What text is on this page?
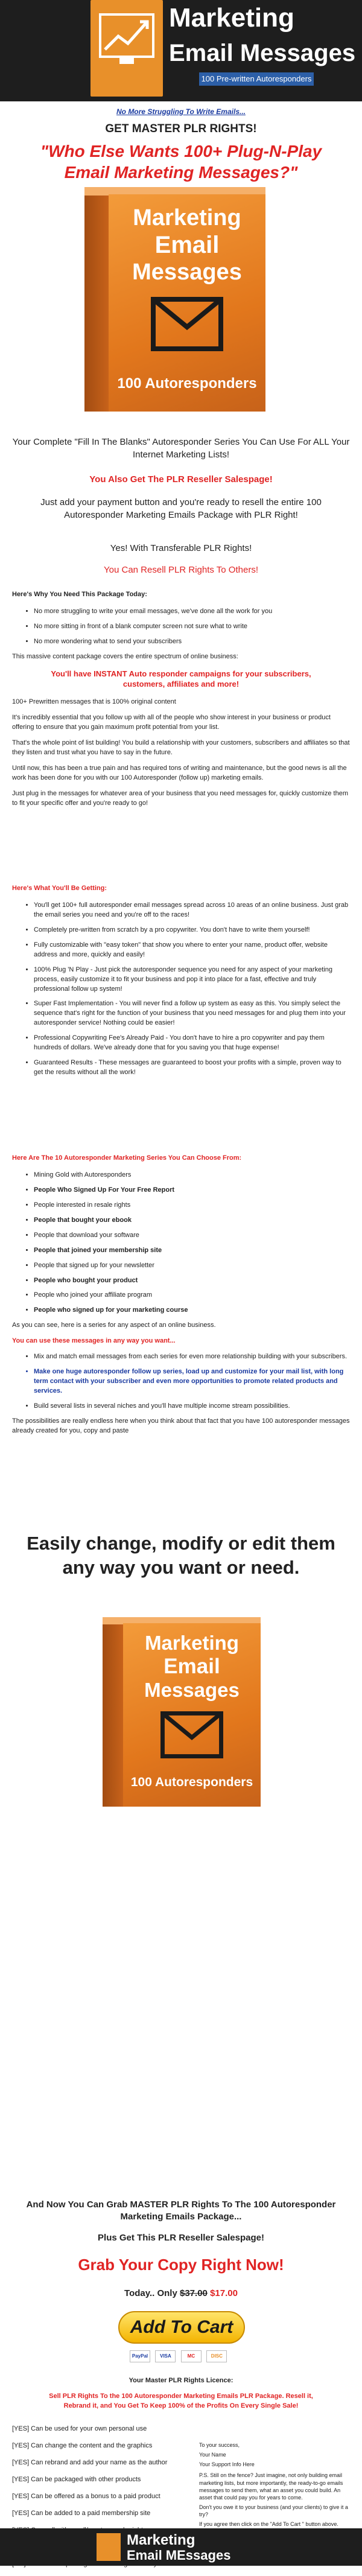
Marketing
Email Messages
100 Pre-written Autoresponders
No More Struggling To Write Emails...
GET MASTER PLR RIGHTS!
"Who Else Wants 100+ Plug-N-Play Email Marketing Messages?"
Marketing
Email
Messages
100 Autoresponders

Your Complete "Fill In The Blanks" Autoresponder Series You Can Use For ALL Your Internet Marketing Lists!

You Also Get The PLR Reseller Salespage!

Just add your payment button and you're ready to resell the entire 100 Autoresponder Marketing Emails Package with PLR Right!

Yes! With Transferable PLR Rights!

You Can Resell PLR Rights To Others!

Here's Why You Need This Package Today:

• No more struggling to write your email messages, we've done all the work for you
• No more sitting in front of a blank computer screen not sure what to write
• No more wondering what to send your subscribers

This massive content package covers the entire spectrum of online business:

You'll have INSTANT Auto responder campaigns for your subscribers, customers, affiliates and more!

100+ Prewritten messages that is 100% original content

It's incredibly essential that you follow up with all of the people who show interest in your business or product offering to ensure that you gain maximum profit potential from your list.

That's the whole point of list building! You build a relationship with your customers, subscribers and affiliates so that they listen and trust what you have to say in the future.

Until now, this has been a true pain and has required tons of writing and maintenance, but the good news is all the work has been done for you with our 100 Autoresponder (follow up) marketing emails.

Just plug in the messages for whatever area of your business that you need messages for, quickly customize them to fit your specific offer and you're ready to go!

Here's What You'll Be Getting:

• You'll get 100+ full autoresponder email messages spread across 10 areas of an online business. Just grab the email series you need and you're off to the races!
• Completely pre-written from scratch by a pro copywriter. You don't have to write them yourself!
• Fully customizable with "easy token" that show you where to enter your name, product offer, website address and more, quickly and easily!
• 100% Plug 'N Play - Just pick the autoresponder sequence you need for any aspect of your marketing process, easily customize it to fit your business and pop it into place for a fast, effective and truly professional follow up system!
• Super Fast Implementation - You will never find a follow up system as easy as this. You simply select the sequence that's right for the function of your business that you need messages for and plug them into your autoresponder service! Nothing could be easier!
• Professional Copywriting Fee's Already Paid - You don't have to hire a pro copywriter and pay them hundreds of dollars. We've already done that for you saving you that huge expense!
• Guaranteed Results - These messages are guaranteed to boost your profits with a simple, proven way to get the results without all the work!

Here Are The 10 Autoresponder Marketing Series You Can Choose From:

• Mining Gold with Autoresponders
• People Who Signed Up For Your Free Report
• People interested in resale rights
• People that bought your ebook
• People that download your software
• People that joined your membership site
• People that signed up for your newsletter
• People who bought your product
• People who joined your affiliate program
• People who signed up for your marketing course

As you can see, here is a series for any aspect of an online business.

You can use these messages in any way you want...

• Mix and match email messages from each series for even more relationship building with your subscribers.
• Make one huge autoresponder follow up series, load up and customize for your mail list, with long term contact with your subscriber and even more opportunities to promote related products and services.
• Build several lists in several niches and you'll have multiple income stream possibilities.

The possibilities are really endless here when you think about that fact that you have 100 autoresponder messages already created for you, copy and paste

Easily change, modify or edit them any way you want or need.

Marketing
Email
Messages
100 Autoresponders

And Now You Can Grab MASTER PLR Rights To The 100 Autoresponder Marketing Emails Package...

Plus Get This PLR Reseller Salespage!

Grab Your Copy Right Now!

Today.. Only $37.00 $17.00
Add To Cart
PayPal VISA	MC	DISC

Your Master PLR Rights Licence:

Sell PLR Rights To the 100 Autoresponder Marketing Emails PLR Package. Resell it, Rebrand it, and You Get To Keep 100% of the Profits On Every Single Sale!

[YES] Can be used for your own personal use
[YES] Can change the content and the graphics
[YES] Can rebrand and add your name as the author
[YES] Can be packaged with other products
[YES] Can be offered as a bonus to a paid product
[YES] Can be added to a paid membership site

To your success,

Your Name

Your Support Info Here

P.S. Still on the fence? Just imagine, not only building email marketing lists, but more importantly, the ready-to-go emails messages to send them, what an asset you could build. An asset that could pay you for years to come.

Don't you owe it to your business (and your clients) to give it a try?

If you agree then click on the "Add To Cart " button above.

Marketing
Email MEssages
